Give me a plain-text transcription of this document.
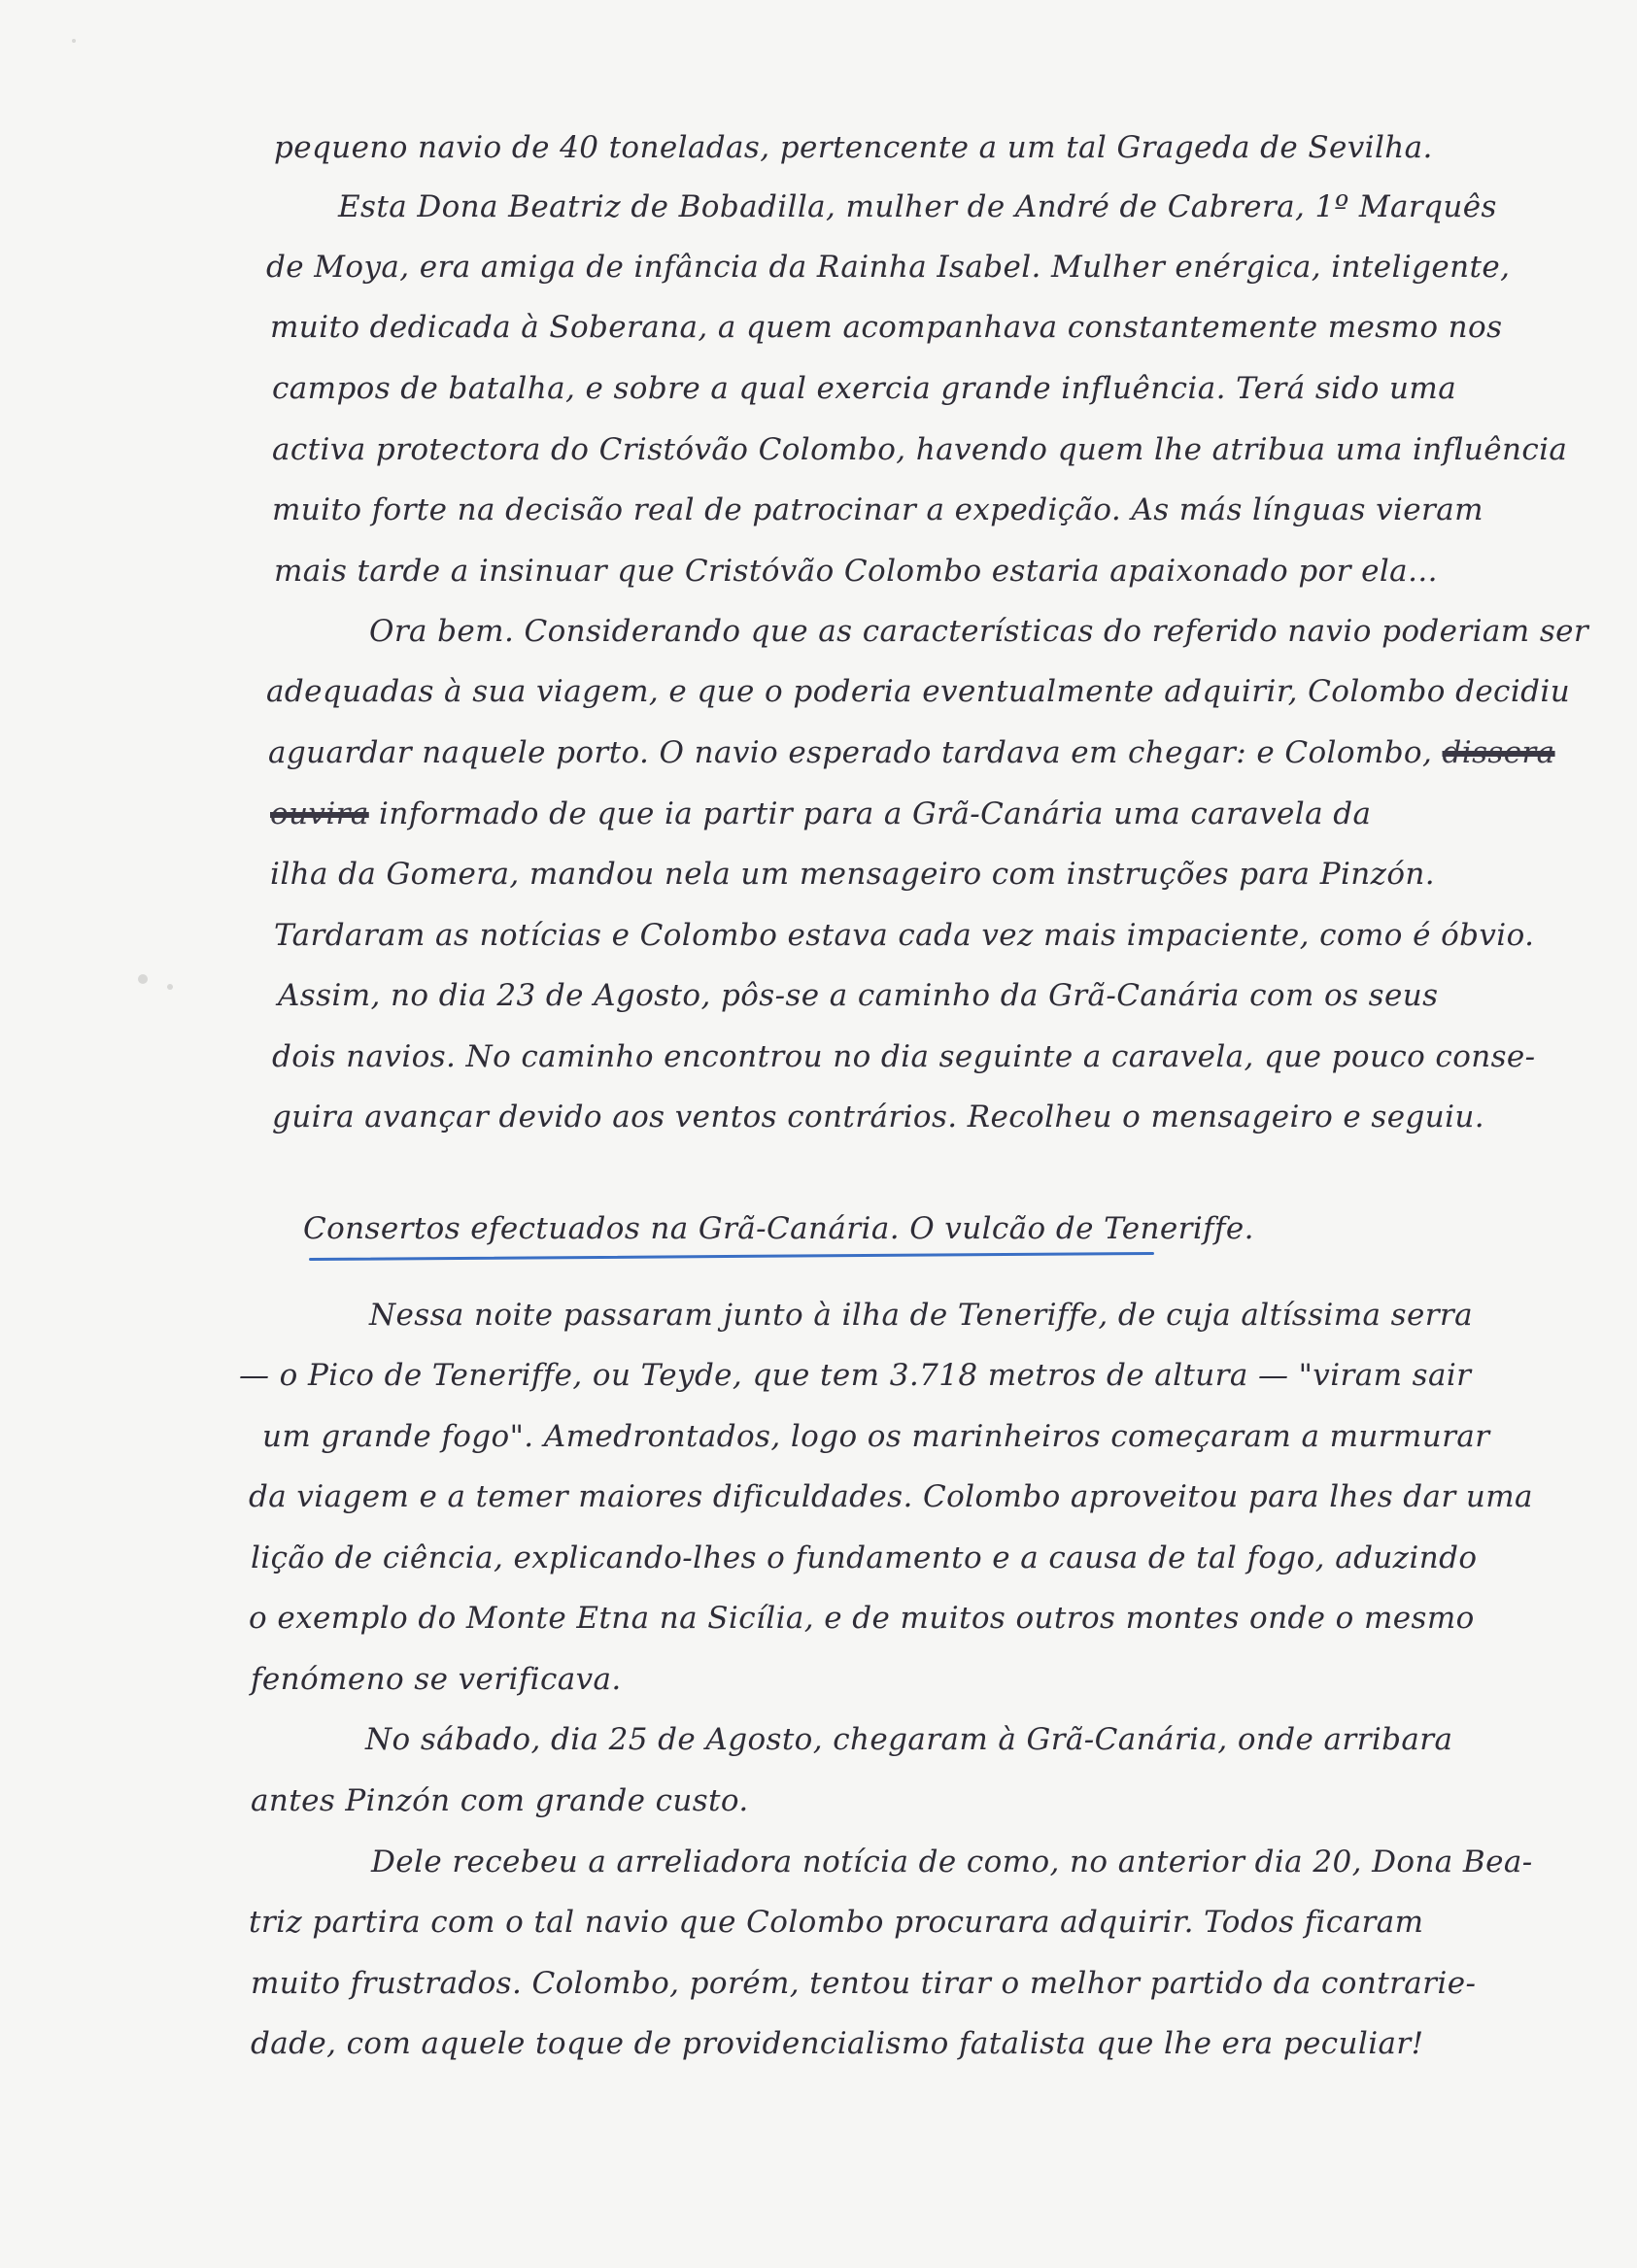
pequeno navio de 40 toneladas, pertencente a um tal Grageda de Sevilha.
Esta Dona Beatriz de Bobadilla, mulher de André de Cabrera, 1º Marquês
de Moya, era amiga de infância da Rainha Isabel. Mulher enérgica, inteligente,
muito dedicada à Soberana, a quem acompanhava constantemente mesmo nos
campos de batalha, e sobre a qual exercia grande influência. Terá sido uma
activa protectora do Cristóvão Colombo, havendo quem lhe atribua uma influência
muito forte na decisão real de patrocinar a expedição. As más línguas vieram
mais tarde a insinuar que Cristóvão Colombo estaria apaixonado por ela...
Ora bem. Considerando que as características do referido navio poderiam ser
adequadas à sua viagem, e que o poderia eventualmente adquirir, Colombo decidiu
aguardar naquele porto. O navio esperado tardava em chegar: e Colombo, dissera
ouvira informado de que ia partir para a Grã-Canária uma caravela da
ilha da Gomera, mandou nela um mensageiro com instruções para Pinzón.
Tardaram as notícias e Colombo estava cada vez mais impaciente, como é óbvio.
Assim, no dia 23 de Agosto, pôs-se a caminho da Grã-Canária com os seus
dois navios. No caminho encontrou no dia seguinte a caravela, que pouco conse-
guira avançar devido aos ventos contrários. Recolheu o mensageiro e seguiu.
Consertos efectuados na Grã-Canária. O vulcão de Teneriffe.
Nessa noite passaram junto à ilha de Teneriffe, de cuja altíssima serra
— o Pico de Teneriffe, ou Teyde, que tem 3.718 metros de altura — "viram sair
um grande fogo". Amedrontados, logo os marinheiros começaram a murmurar
da viagem e a temer maiores dificuldades. Colombo aproveitou para lhes dar uma
lição de ciência, explicando-lhes o fundamento e a causa de tal fogo, aduzindo
o exemplo do Monte Etna na Sicília, e de muitos outros montes onde o mesmo
fenómeno se verificava.
No sábado, dia 25 de Agosto, chegaram à Grã-Canária, onde arribara
antes Pinzón com grande custo.
Dele recebeu a arreliadora notícia de como, no anterior dia 20, Dona Bea-
triz partira com o tal navio que Colombo procurara adquirir. Todos ficaram
muito frustrados. Colombo, porém, tentou tirar o melhor partido da contrarie-
dade, com aquele toque de providencialismo fatalista que lhe era peculiar!
